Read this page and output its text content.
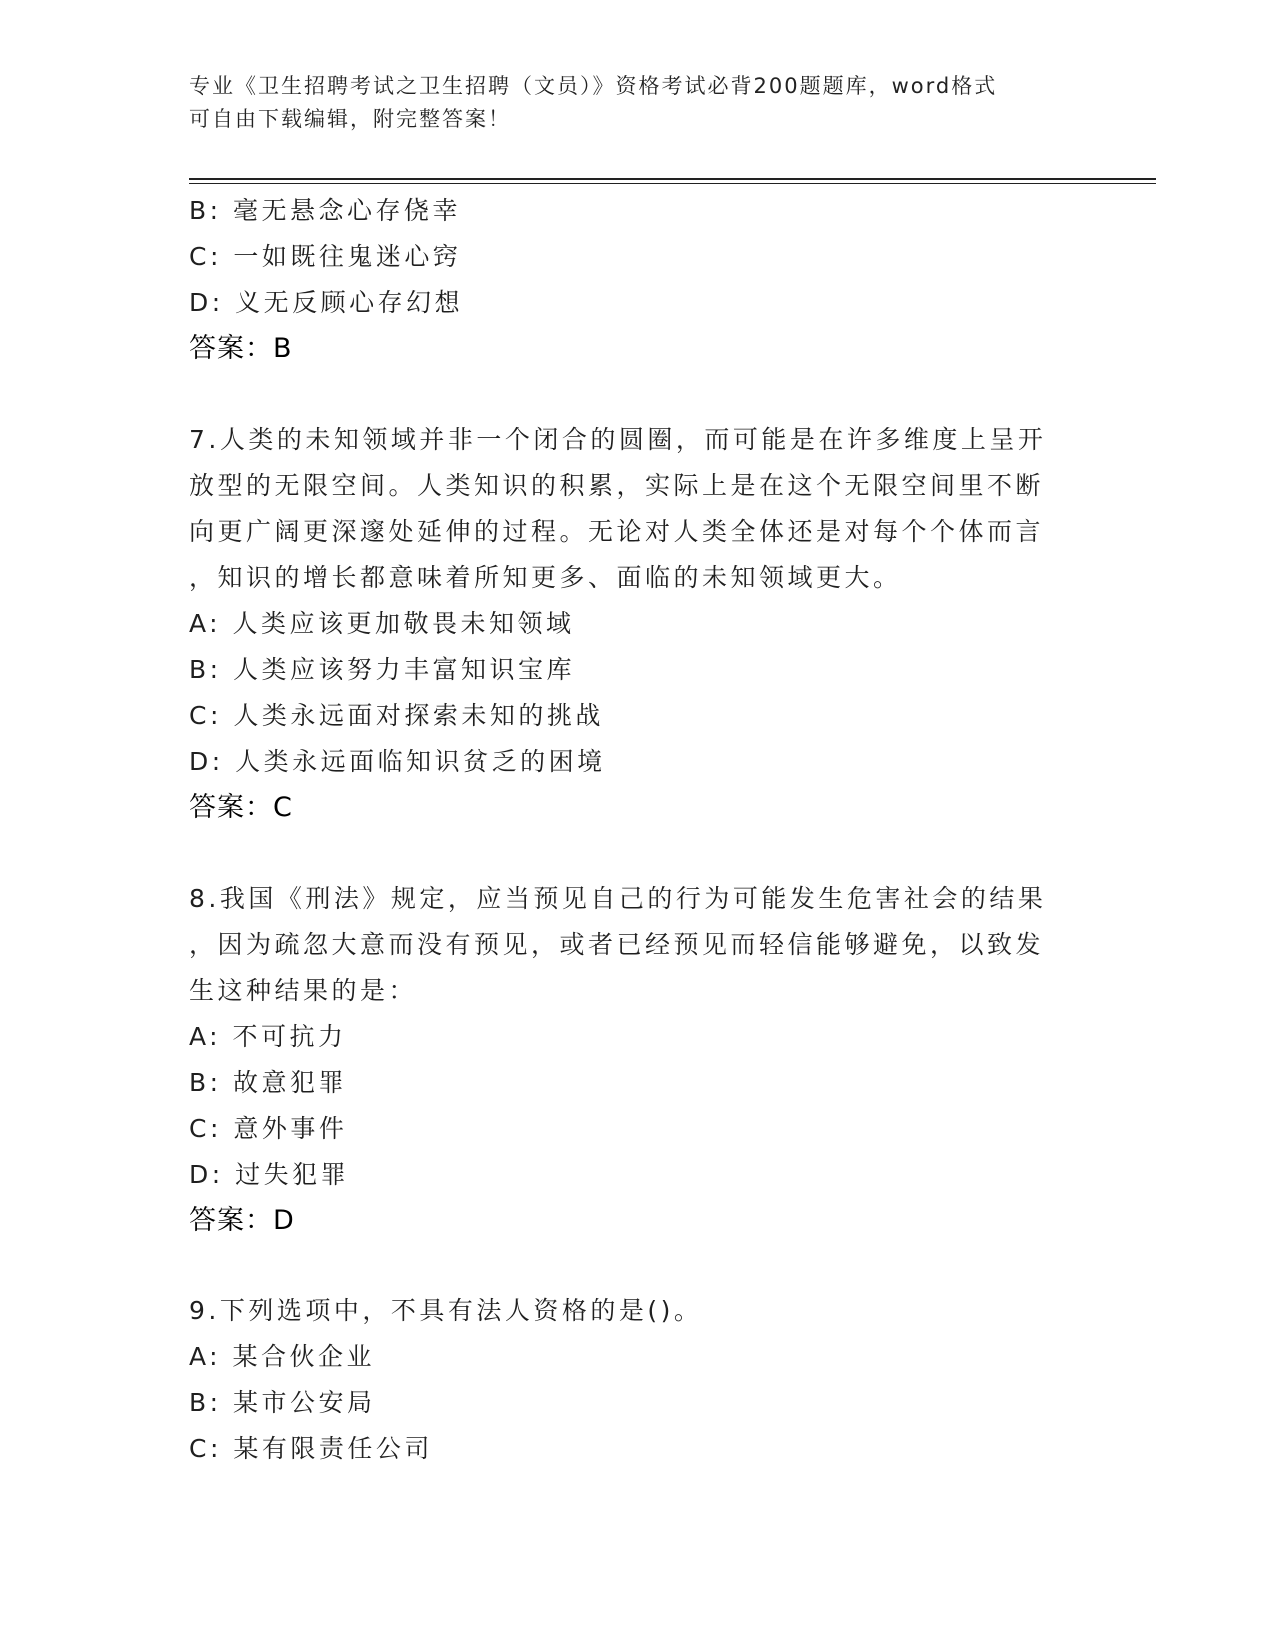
专业《卫生招聘考试之卫生招聘（文员）》资格考试必背200题题库，word格式
可自由下载编辑，附完整答案！
B: 毫无悬念心存侥幸
C: 一如既往鬼迷心窍
D: 义无反顾心存幻想
答案：B
7.人类的未知领域并非一个闭合的圆圈，而可能是在许多维度上呈开
放型的无限空间。人类知识的积累，实际上是在这个无限空间里不断
向更广阔更深邃处延伸的过程。无论对人类全体还是对每个个体而言
，知识的增长都意味着所知更多、面临的未知领域更大。
A: 人类应该更加敬畏未知领域
B: 人类应该努力丰富知识宝库
C: 人类永远面对探索未知的挑战
D: 人类永远面临知识贫乏的困境
答案：C
8.我国《刑法》规定，应当预见自己的行为可能发生危害社会的结果
，因为疏忽大意而没有预见，或者已经预见而轻信能够避免，以致发
生这种结果的是：
A: 不可抗力
B: 故意犯罪
C: 意外事件
D: 过失犯罪
答案：D
9.下列选项中，不具有法人资格的是()。
A: 某合伙企业
B: 某市公安局
C: 某有限责任公司
